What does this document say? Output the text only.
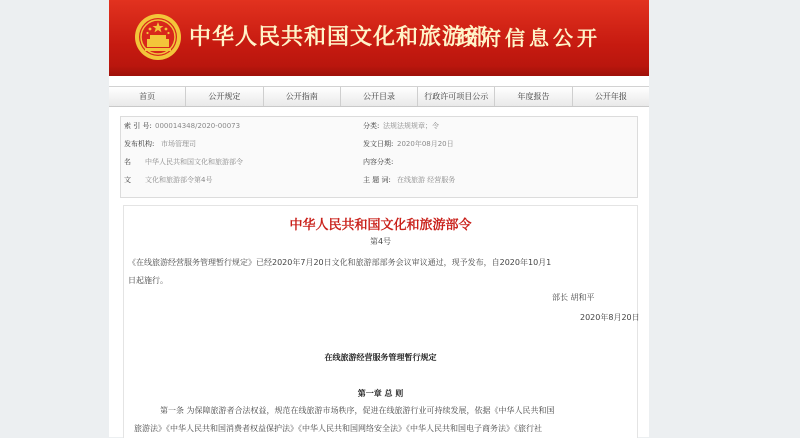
中华人民共和国文化和旅游部
政府信息公开
首页	公开规定	公开指南	公开目录	行政许可项目公示	年度报告	公开年报
索 引 号: 000014348/2020-00073	分类: 法规法规规章；令
发布机构: 市场管理司	发文日期: 2020年08月20日
名 中华人民共和国文化和旅游部令	内容分类:
文 文化和旅游部令第4号	主 题 词: 在线旅游 经营服务
中华人民共和国文化和旅游部令
第4号
《在线旅游经营服务管理暂行规定》已经2020年7月20日文化和旅游部部务会议审议通过，现予发布，自2020年10月1
日起施行。
部长 胡和平
2020年8月20日
在线旅游经营服务管理暂行规定
第一章 总 则
第一条 为保障旅游者合法权益，规范在线旅游市场秩序，促进在线旅游行业可持续发展，依据《中华人民共和国
旅游法》《中华人民共和国消费者权益保护法》《中华人民共和国网络安全法》《中华人民共和国电子商务法》《旅行社
